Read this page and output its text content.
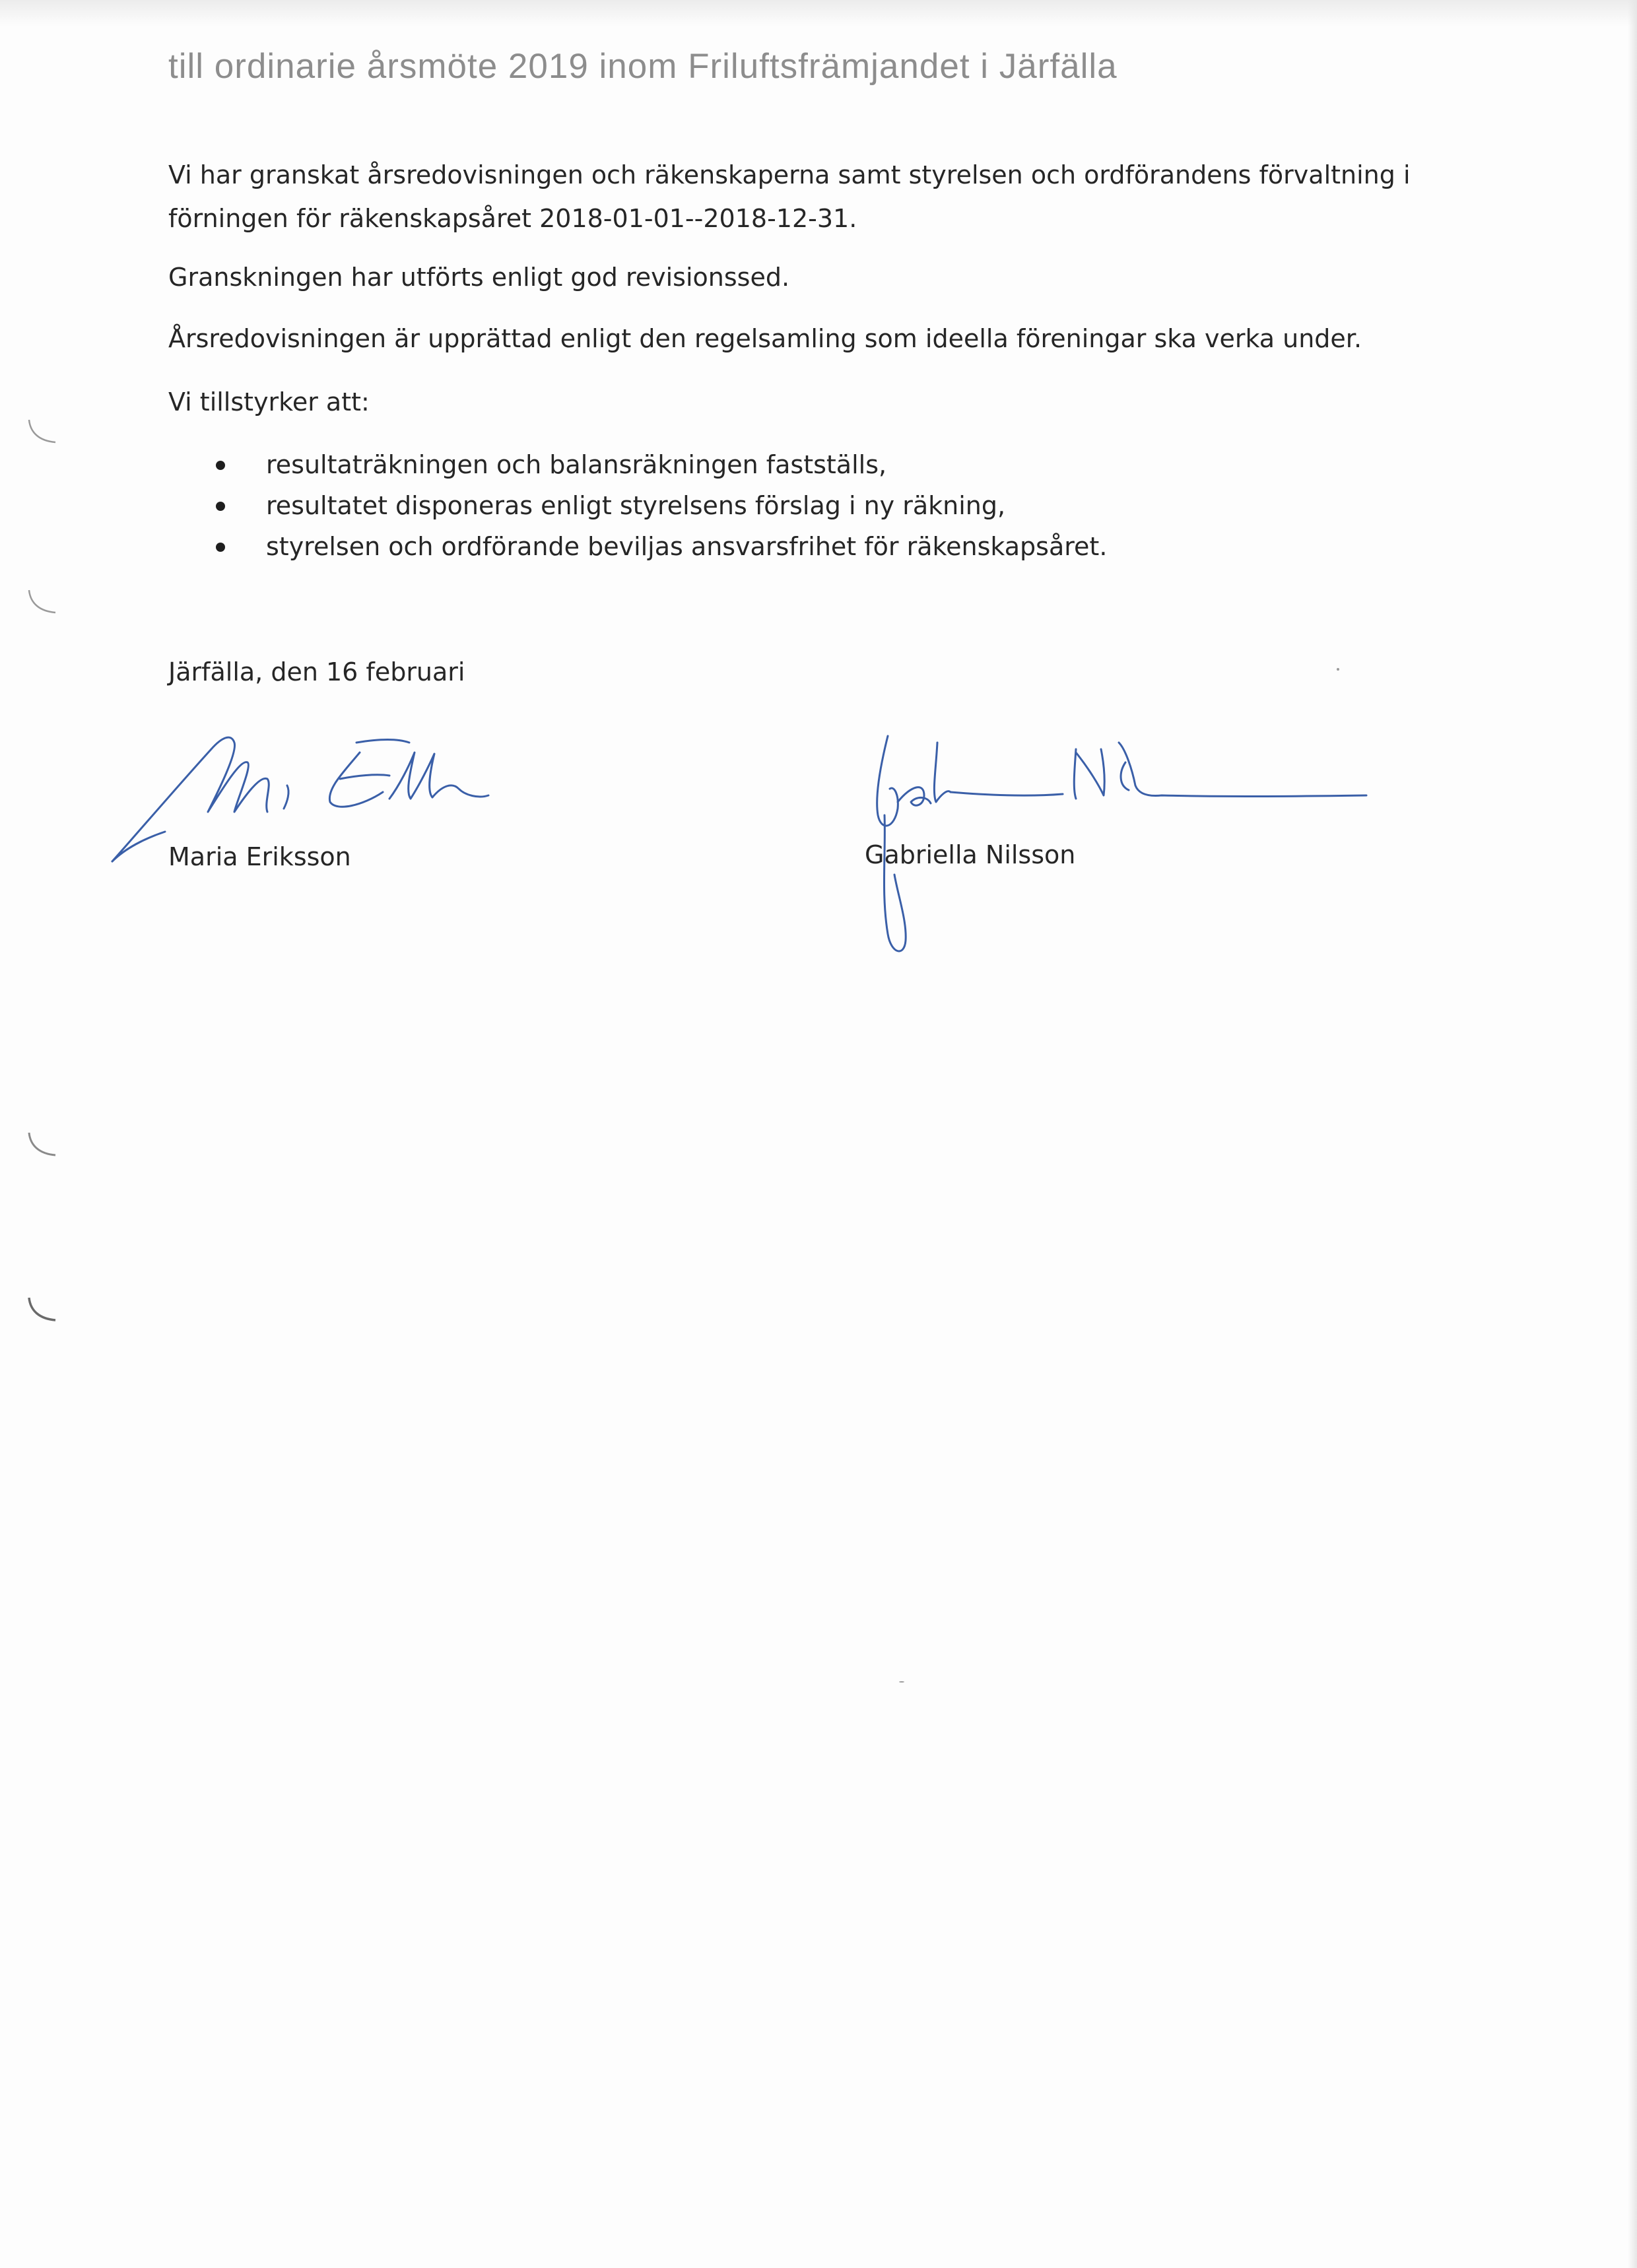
till ordinarie årsmöte 2019 inom Friluftsfrämjandet i Järfälla

Vi har granskat årsredovisningen och räkenskaperna samt styrelsen och ordförandens förvaltning i
förningen för räkenskapsåret 2018-01-01--2018-12-31.

Granskningen har utförts enligt god revisionssed.

Årsredovisningen är upprättad enligt den regelsamling som ideella föreningar ska verka under.

Vi tillstyrker att:

resultaträkningen och balansräkningen fastställs,
resultatet disponeras enligt styrelsens förslag i ny räkning,
styrelsen och ordförande beviljas ansvarsfrihet för räkenskapsåret.

Järfälla, den 16 februari

Maria Eriksson	Gabriella Nilsson
